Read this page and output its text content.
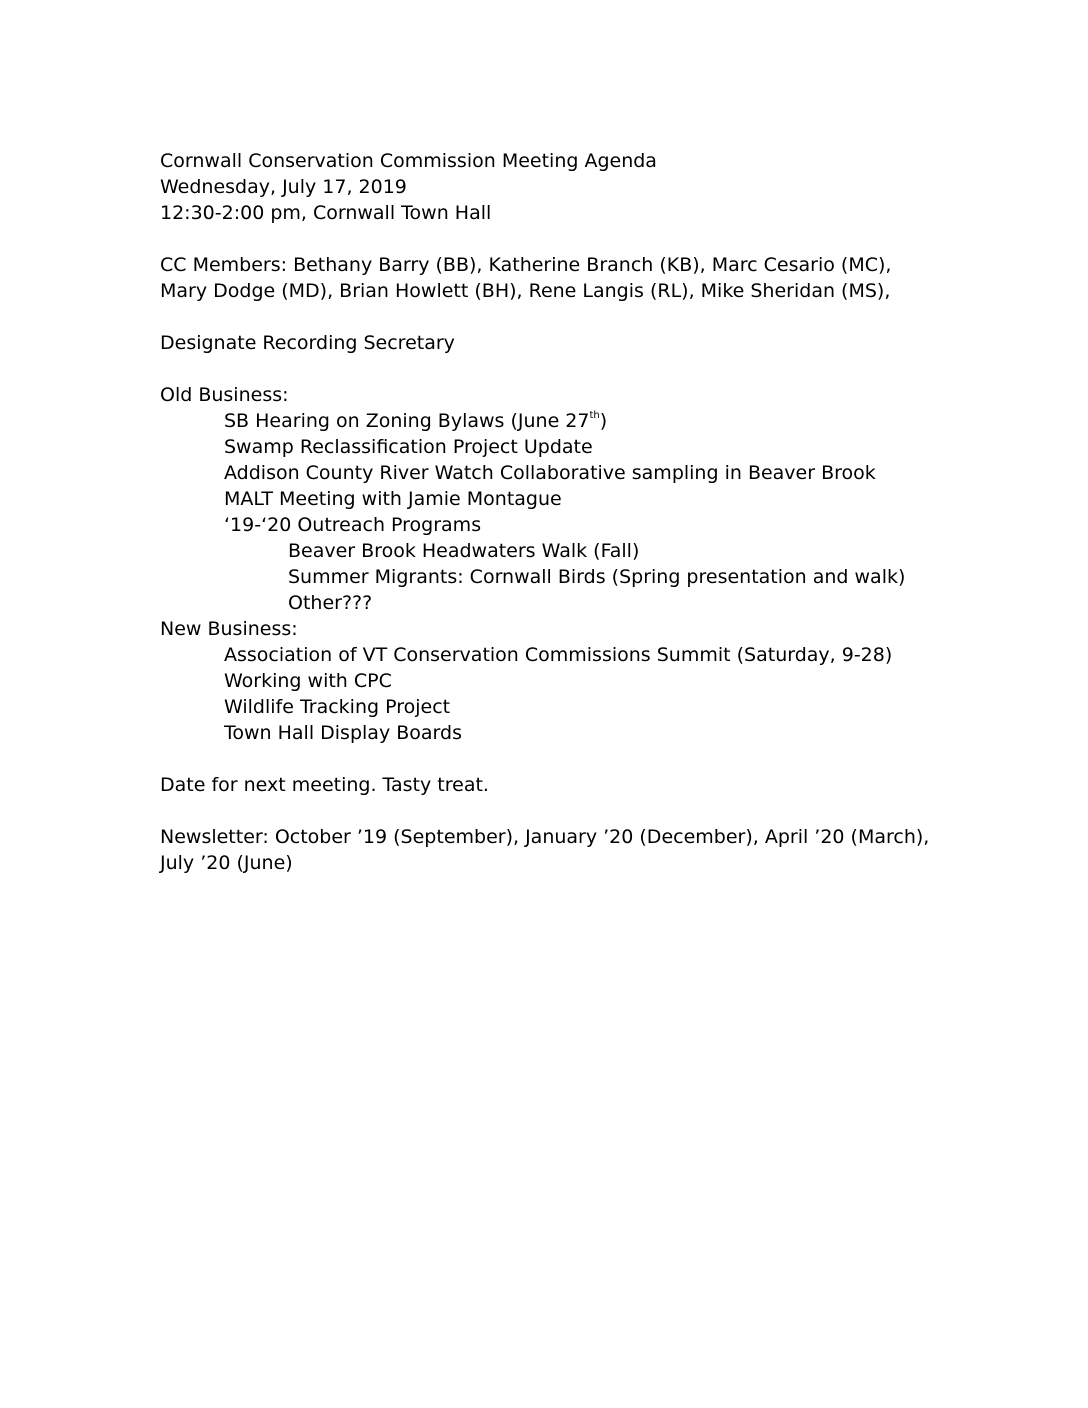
Cornwall Conservation Commission Meeting Agenda
Wednesday, July 17, 2019
12:30-2:00 pm, Cornwall Town Hall
CC Members: Bethany Barry (BB), Katherine Branch (KB), Marc Cesario (MC),
Mary Dodge (MD), Brian Howlett (BH), Rene Langis (RL), Mike Sheridan (MS),
Designate Recording Secretary
Old Business:
SB Hearing on Zoning Bylaws (June 27th)
Swamp Reclassification Project Update
Addison County River Watch Collaborative sampling in Beaver Brook
MALT Meeting with Jamie Montague
‘19-‘20 Outreach Programs
Beaver Brook Headwaters Walk (Fall)
Summer Migrants: Cornwall Birds (Spring presentation and walk)
Other???
New Business:
Association of VT Conservation Commissions Summit (Saturday, 9-28)
Working with CPC
Wildlife Tracking Project
Town Hall Display Boards
Date for next meeting. Tasty treat.
Newsletter: October ’19 (September), January ’20 (December), April ’20 (March),
July ’20 (June)
